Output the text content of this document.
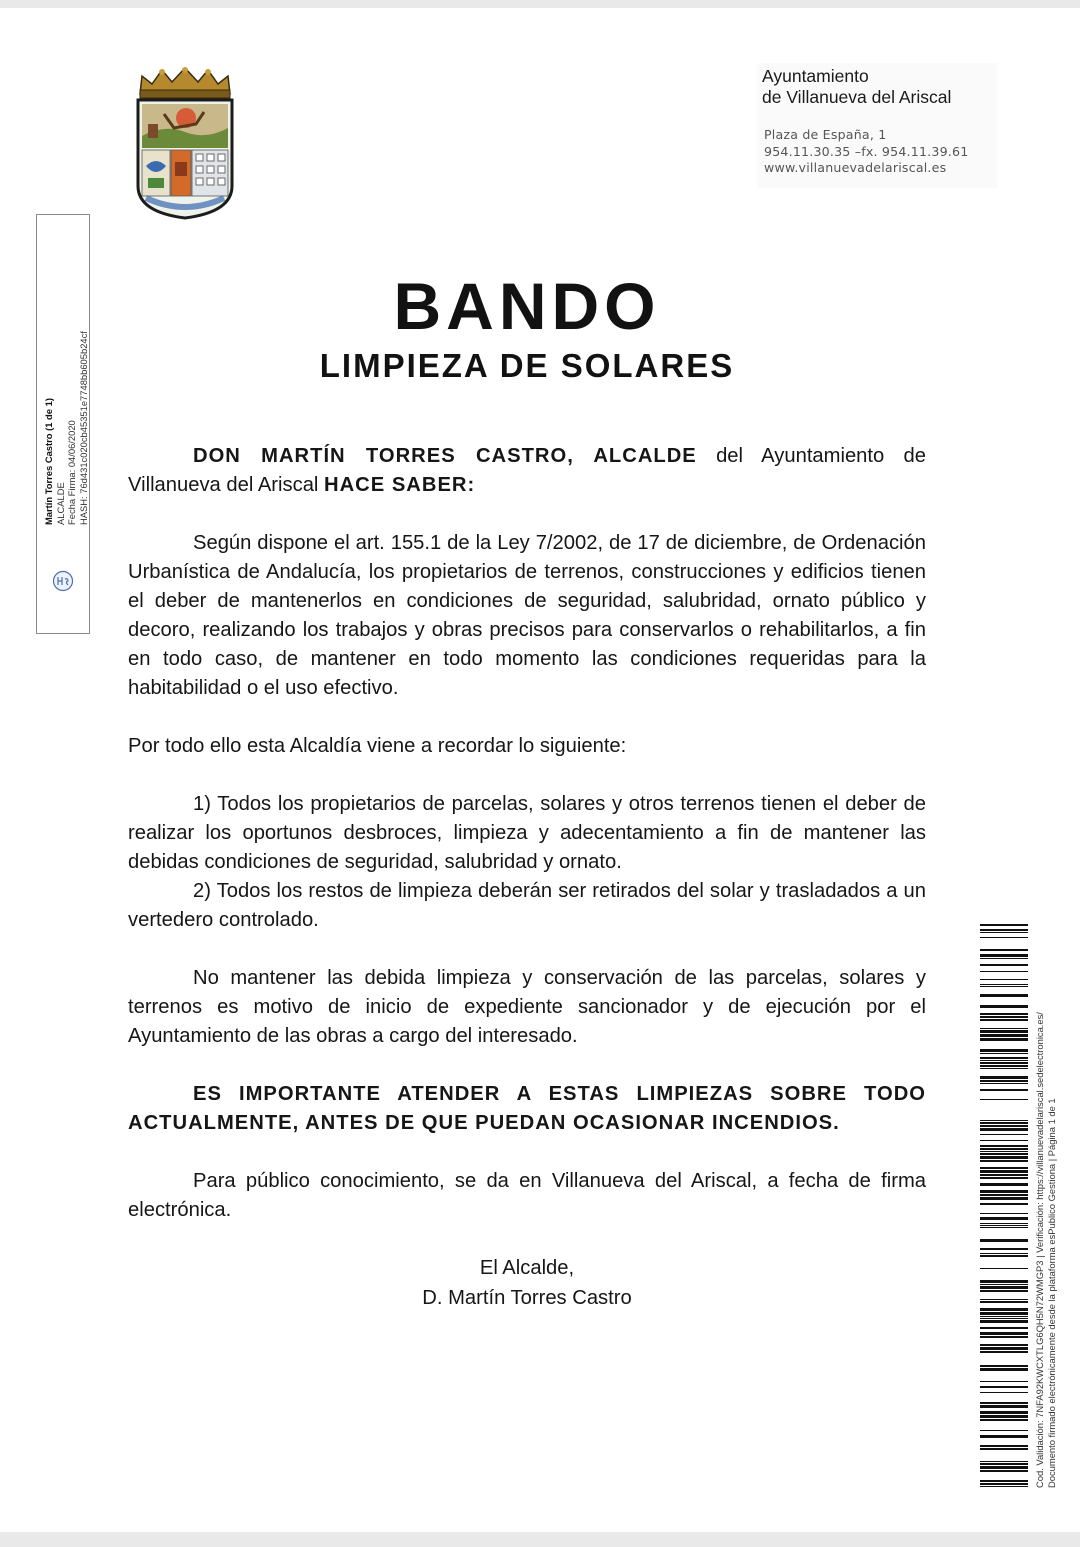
Ayuntamiento
de Villanueva del Ariscal
Plaza de España, 1
954.11.30.35 –fx. 954.11.39.61
www.villanuevadelariscal.es
Martín Torres Castro (1 de 1) ALCALDE Fecha Firma: 04/06/2020 HASH: 76d431c020cb45351e7748bb605b24cf
BANDO
LIMPIEZA DE SOLARES

DON MARTÍN TORRES CASTRO, ALCALDE del Ayuntamiento de Villanueva del Ariscal HACE SABER:

Según dispone el art. 155.1 de la Ley 7/2002, de 17 de diciembre, de Ordenación Urbanística de Andalucía, los propietarios de terrenos, construcciones y edificios tienen el deber de mantenerlos en condiciones de seguridad, salubridad, ornato público y decoro, realizando los trabajos y obras precisos para conservarlos o rehabilitarlos, a fin en todo caso, de mantener en todo momento las condiciones requeridas para la habitabilidad o el uso efectivo.

Por todo ello esta Alcaldía viene a recordar lo siguiente:

1) Todos los propietarios de parcelas, solares y otros terrenos tienen el deber de realizar los oportunos desbroces, limpieza y adecentamiento a fin de mantener las debidas condiciones de seguridad, salubridad y ornato.

2) Todos los restos de limpieza deberán ser retirados del solar y trasladados a un vertedero controlado.

No mantener las debida limpieza y conservación de las parcelas, solares y terrenos es motivo de inicio de expediente sancionador y de ejecución por el Ayuntamiento de las obras a cargo del interesado.

ES IMPORTANTE ATENDER A ESTAS LIMPIEZAS SOBRE TODO ACTUALMENTE, ANTES DE QUE PUEDAN OCASIONAR INCENDIOS.

Para público conocimiento, se da en Villanueva del Ariscal, a fecha de firma electrónica.

El Alcalde,
D. Martín Torres Castro	Cod. Validación: 7NFA92KWCXTLG6QH5N72WMGP3 | Verificación: https://villanuevadelariscal.sedelectronica.es/ Documento firmado electrónicamente desde la plataforma esPublico Gestiona | Página 1 de 1
